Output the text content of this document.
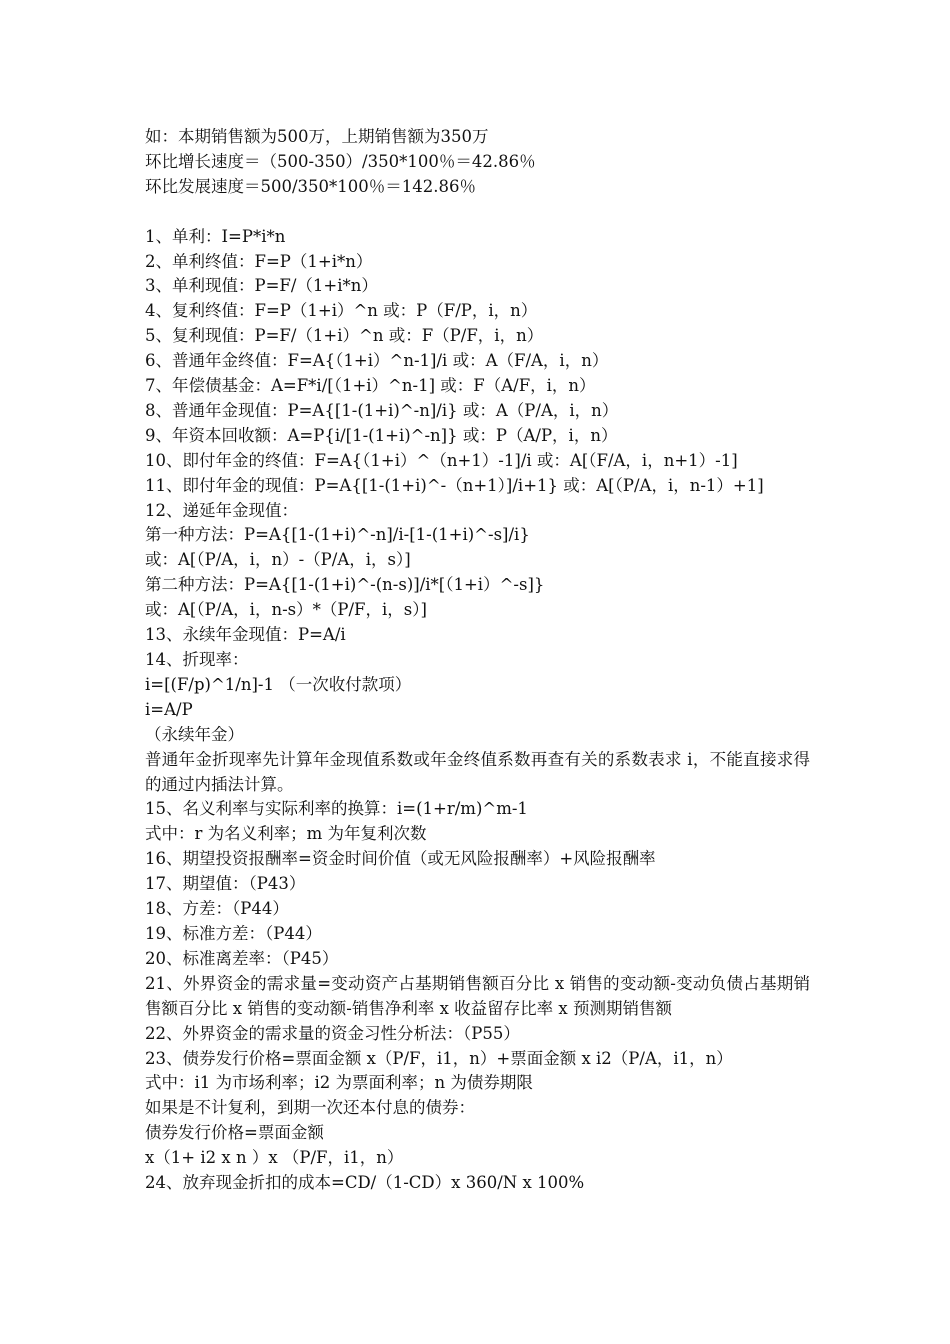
如：本期销售额为500万，上期销售额为350万
环比增长速度＝（500-350）/350*100％＝42.86％
环比发展速度＝500/350*100％＝142.86％
1、单利：I=P*i*n
2、单利终值：F=P（1+i*n）
3、单利现值：P=F/（1+i*n）
4、复利终值：F=P（1+i）^n 或：P（F/P，i，n）
5、复利现值：P=F/（1+i）^n 或：F（P/F，i，n）
6、普通年金终值：F=A{（1+i）^n-1]/i 或：A（F/A，i，n）
7、年偿债基金：A=F*i/[（1+i）^n-1] 或：F（A/F，i，n）
8、普通年金现值：P=A{[1-(1+i)^-n]/i} 或：A（P/A，i，n）
9、年资本回收额：A=P{i/[1-(1+i)^-n]} 或：P（A/P，i，n）
10、即付年金的终值：F=A{（1+i）^（n+1）-1]/i 或：A[（F/A，i，n+1）-1]
11、即付年金的现值：P=A{[1-(1+i)^-（n+1）]/i+1} 或：A[（P/A，i，n-1）+1]
12、递延年金现值：
第一种方法：P=A{[1-(1+i)^-n]/i-[1-(1+i)^-s]/i}
或：A[（P/A，i，n）-（P/A，i，s）]
第二种方法：P=A{[1-(1+i)^-(n-s)]/i*[（1+i）^-s]}
或：A[（P/A，i，n-s）*（P/F，i，s）]
13、永续年金现值：P=A/i
14、折现率：
i=[(F/p)^1/n]-1 （一次收付款项）
i=A/P
（永续年金）
普通年金折现率先计算年金现值系数或年金终值系数再查有关的系数表求 i，不能直接求得的通过内插法计算。
15、名义利率与实际利率的换算：i=(1+r/m)^m-1
式中：r 为名义利率；m 为年复利次数
16、期望投资报酬率=资金时间价值（或无风险报酬率）+风险报酬率
17、期望值：（P43）
18、方差：（P44）
19、标准方差：（P44）
20、标准离差率：（P45）
21、外界资金的需求量=变动资产占基期销售额百分比 x 销售的变动额-变动负债占基期销售额百分比 x 销售的变动额-销售净利率 x 收益留存比率 x 预测期销售额
22、外界资金的需求量的资金习性分析法：（P55）
23、债券发行价格=票面金额 x（P/F，i1，n）+票面金额 x i2（P/A，i1，n）
式中：i1 为市场利率；i2 为票面利率；n 为债券期限
如果是不计复利，到期一次还本付息的债券：
债券发行价格=票面金额
x（1+ i2 x n ）x （P/F，i1，n）
24、放弃现金折扣的成本=CD/（1-CD）x 360/N x 100%
